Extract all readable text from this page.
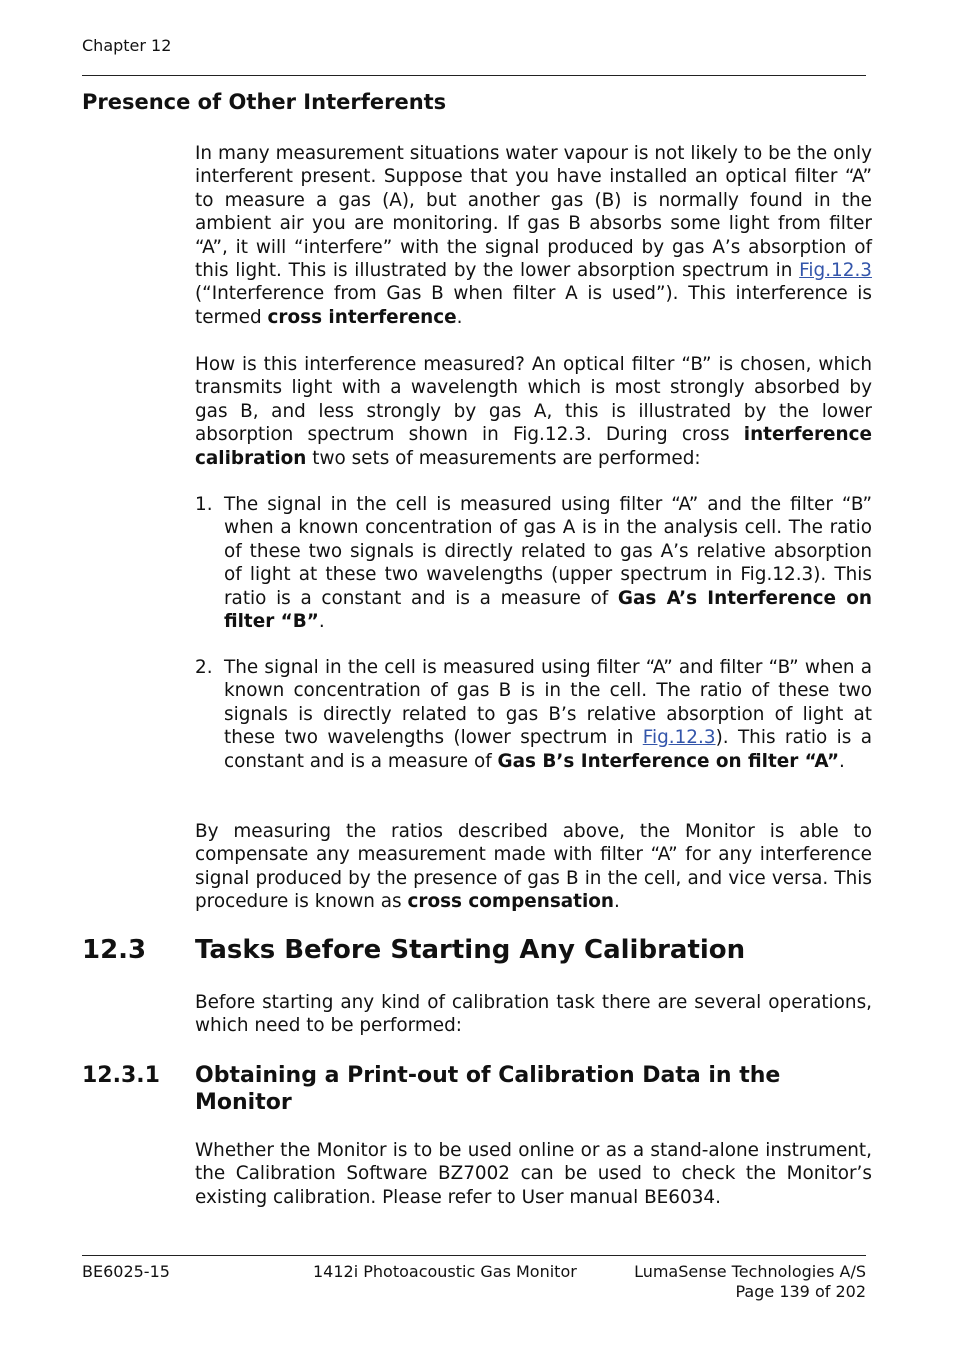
Chapter 12
Presence of Other Interferents

In many measurement situations water vapour is not likely to be the only interferent present. Suppose that you have installed an optical filter “A” to measure a gas (A), but another gas (B) is normally found in the ambient air you are monitoring. If gas B absorbs some light from filter “A”, it will “interfere” with the signal produced by gas A’s absorption of this light. This is illustrated by the lower absorption spectrum in Fig.12.3 (“Interference from Gas B when filter A is used”). This interference is termed cross interference.

How is this interference measured? An optical filter “B” is chosen, which transmits light with a wavelength which is most strongly absorbed by gas B, and less strongly by gas A, this is illustrated by the lower absorption spectrum shown in Fig.12.3. During cross interference calibration two sets of measurements are performed:

1. The signal in the cell is measured using filter “A” and the filter “B” when a known concentration of gas A is in the analysis cell. The ratio of these two signals is directly related to gas A’s relative absorption of light at these two wavelengths (upper spectrum in Fig.12.3). This ratio is a constant and is a measure of Gas A’s Interference on filter “B”.
2. The signal in the cell is measured using filter “A” and filter “B” when a known concentration of gas B is in the cell. The ratio of these two signals is directly related to gas B’s relative absorption of light at these two wavelengths (lower spectrum in Fig.12.3). This ratio is a constant and is a measure of Gas B’s Interference on filter “A”.

By measuring the ratios described above, the Monitor is able to compensate any measurement made with filter “A” for any interference signal produced by the presence of gas B in the cell, and vice versa. This procedure is known as cross compensation.

12.3 Tasks Before Starting Any Calibration

Before starting any kind of calibration task there are several operations, which need to be performed:

12.3.1 Obtaining a Print-out of Calibration Data in the Monitor

Whether the Monitor is to be used online or as a stand-alone instrument, the Calibration Software BZ7002 can be used to check the Monitor’s existing calibration. Please refer to User manual BE6034.

BE6025-15	1412i Photoacoustic Gas Monitor	LumaSense Technologies A/S
Page 139 of 202
